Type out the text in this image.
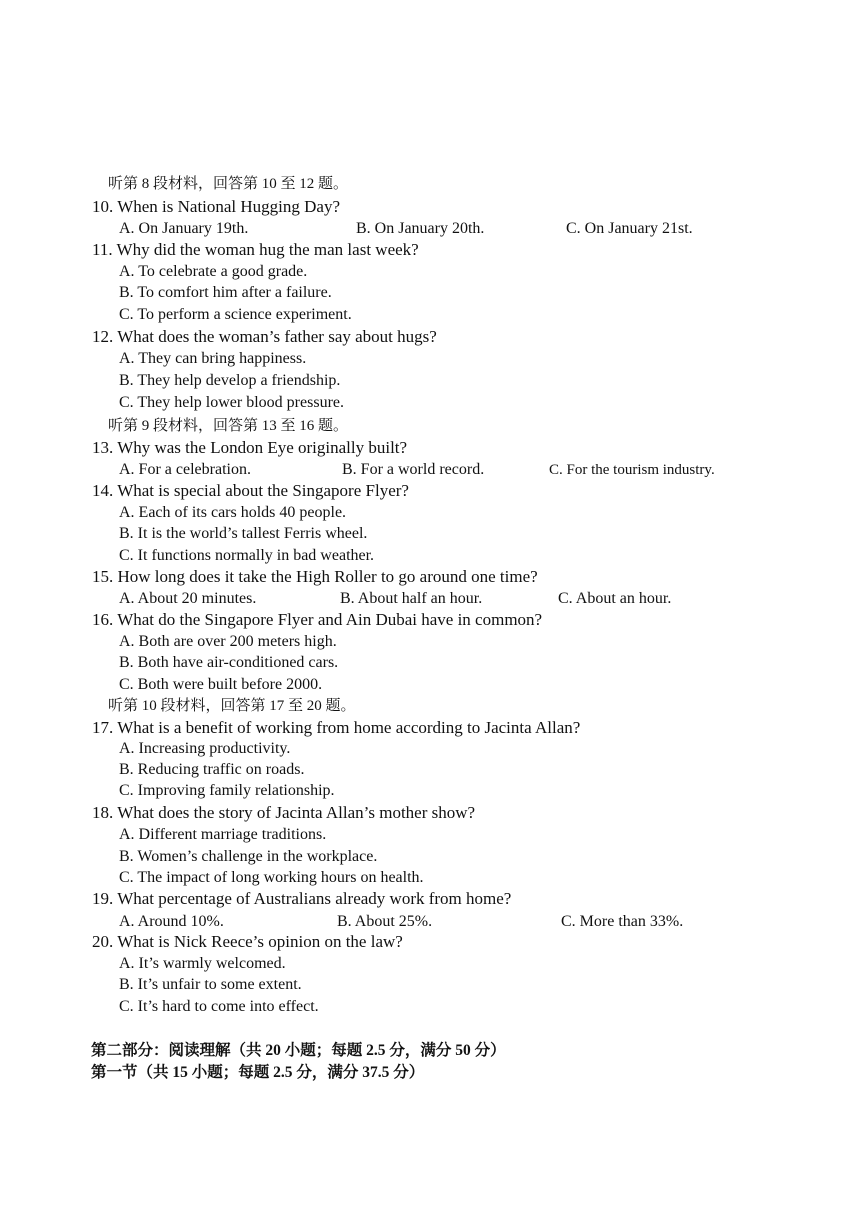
听第 8 段材料，回答第 10 至 12 题。
10. When is National Hugging Day?
A. On January 19th.	B. On January 20th.	C. On January 21st.
11. Why did the woman hug the man last week?
A. To celebrate a good grade.
B. To comfort him after a failure.
C. To perform a science experiment.
12. What does the woman’s father say about hugs?
A. They can bring happiness.
B. They help develop a friendship.
C. They help lower blood pressure.
听第 9 段材料，回答第 13 至 16 题。
13. Why was the London Eye originally built?
A. For a celebration.	B. For a world record.	C. For the tourism industry.
14. What is special about the Singapore Flyer?
A. Each of its cars holds 40 people.
B. It is the world’s tallest Ferris wheel.
C. It functions normally in bad weather.
15. How long does it take the High Roller to go around one time?
A. About 20 minutes.	B. About half an hour.	C. About an hour.
16. What do the Singapore Flyer and Ain Dubai have in common?
A. Both are over 200 meters high.
B. Both have air-conditioned cars.
C. Both were built before 2000.
听第 10 段材料，回答第 17 至 20 题。
17. What is a benefit of working from home according to Jacinta Allan?
A. Increasing productivity.
B. Reducing traffic on roads.
C. Improving family relationship.
18. What does the story of Jacinta Allan’s mother show?
A. Different marriage traditions.
B. Women’s challenge in the workplace.
C. The impact of long working hours on health.
19. What percentage of Australians already work from home?
A. Around 10%.	B. About 25%.	C. More than 33%.
20. What is Nick Reece’s opinion on the law?
A. It’s warmly welcomed.
B. It’s unfair to some extent.
C. It’s hard to come into effect.
第二部分：阅读理解（共 20 小题；每题 2.5 分，满分 50 分）
第一节（共 15 小题；每题 2.5 分，满分 37.5 分）
